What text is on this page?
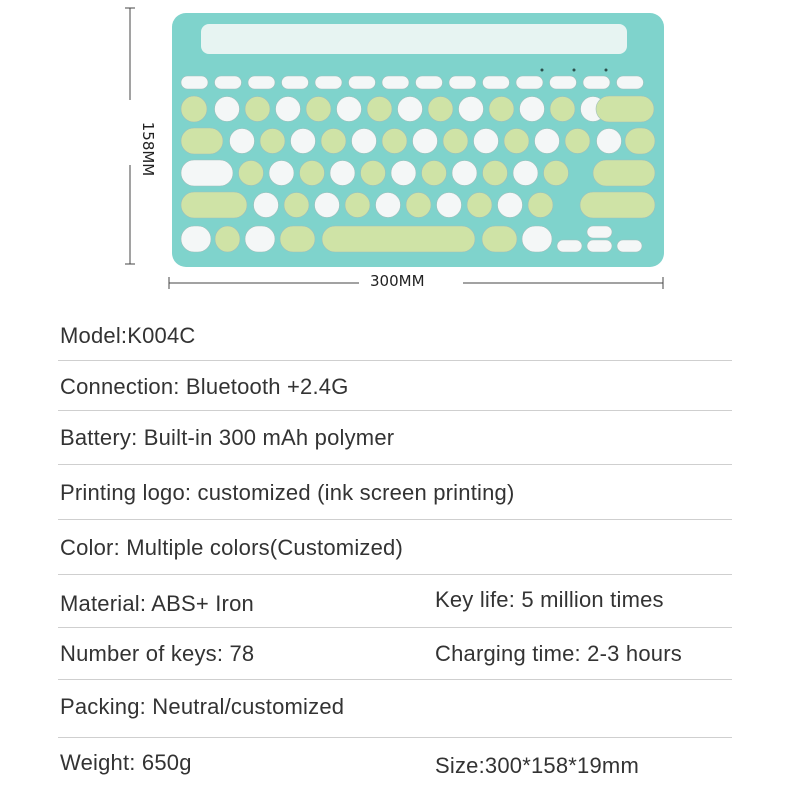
158MM
300MM
Model:K004C
Connection: Bluetooth +2.4G
Battery: Built-in 300 mAh polymer
Printing logo: customized (ink screen printing)
Color: Multiple colors(Customized)
Material: ABS+ Iron	Key life: 5 million times
Number of keys: 78	Charging time: 2-3 hours
Packing: Neutral/customized
Weight: 650g	Size:300*158*19mm
